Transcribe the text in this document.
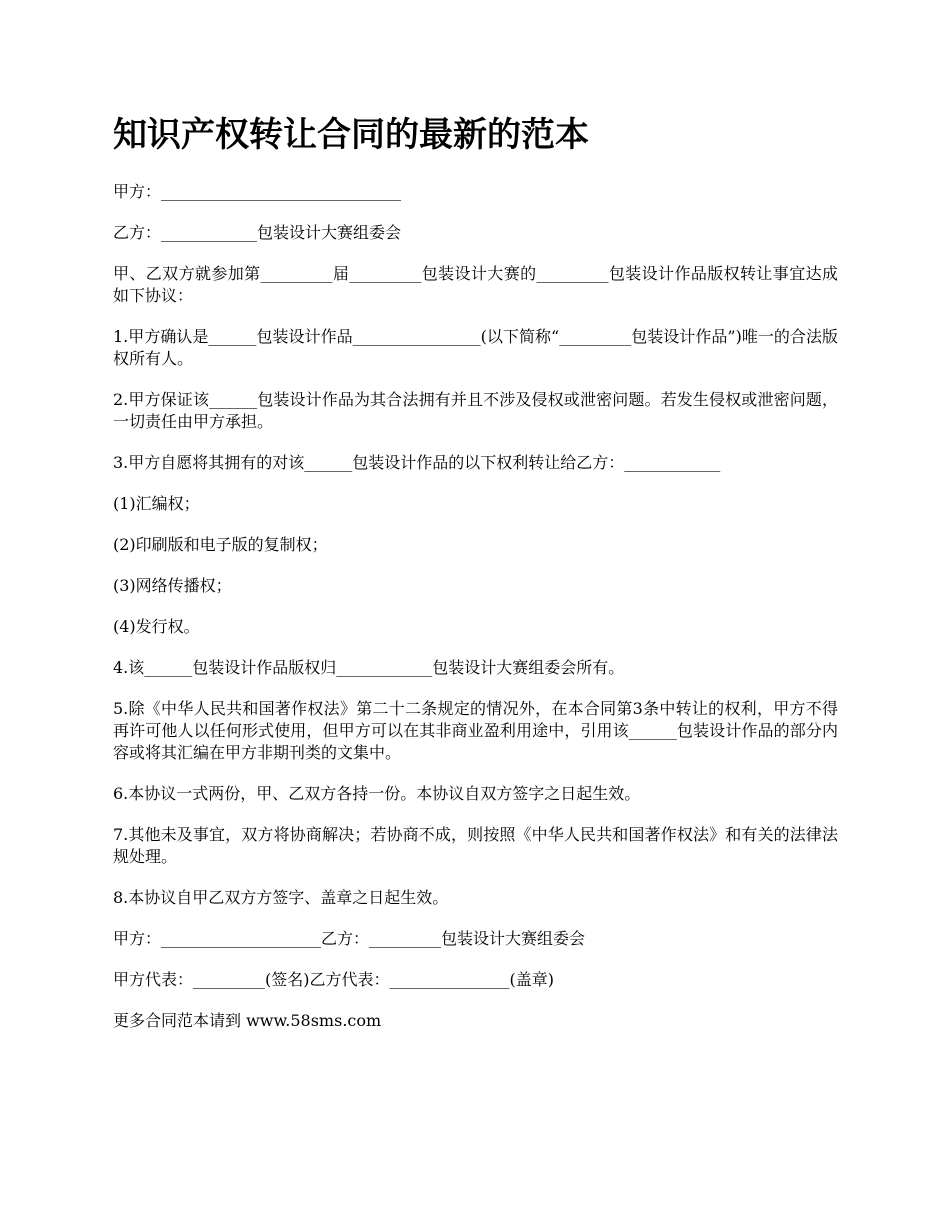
知识产权转让合同的最新的范本

甲方：______________________________

乙方：____________包装设计大赛组委会

甲、乙双方就参加第_________届_________包装设计大赛的_________包装设计作品版权转让事宜达成如下协议：

1.甲方确认是______包装设计作品________________(以下简称“_________包装设计作品”)唯一的合法版权所有人。

2.甲方保证该______包装设计作品为其合法拥有并且不涉及侵权或泄密问题。若发生侵权或泄密问题，一切责任由甲方承担。

3.甲方自愿将其拥有的对该______包装设计作品的以下权利转让给乙方：____________

(1)汇编权；

(2)印刷版和电子版的复制权；

(3)网络传播权；

(4)发行权。

4.该______包装设计作品版权归____________包装设计大赛组委会所有。

5.除《中华人民共和国著作权法》第二十二条规定的情况外，在本合同第3条中转让的权利，甲方不得再许可他人以任何形式使用，但甲方可以在其非商业盈利用途中，引用该______包装设计作品的部分内容或将其汇编在甲方非期刊类的文集中。

6.本协议一式两份，甲、乙双方各持一份。本协议自双方签字之日起生效。

7.其他未及事宜，双方将协商解决；若协商不成，则按照《中华人民共和国著作权法》和有关的法律法规处理。

8.本协议自甲乙双方方签字、盖章之日起生效。

甲方：____________________乙方：_________包装设计大赛组委会

甲方代表：_________(签名)乙方代表：_______________(盖章)

更多合同范本请到 www.58sms.com
